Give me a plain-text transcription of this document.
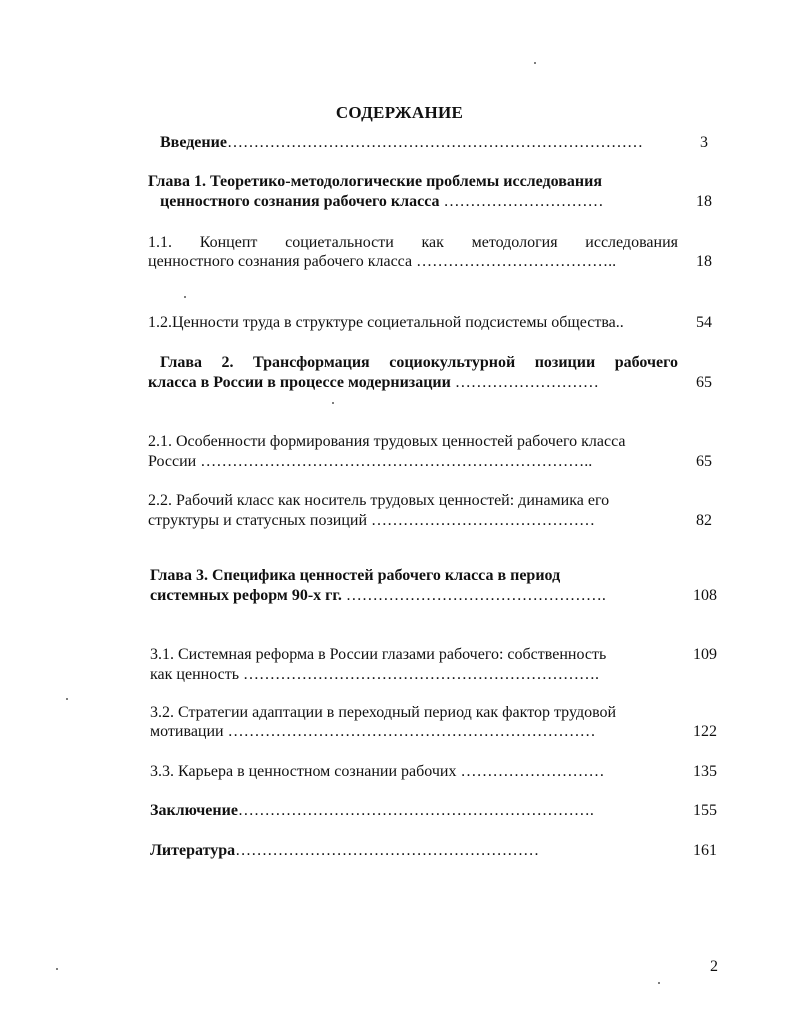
СОДЕРЖАНИЕ
Введение……………………………………………………………………	3
Глава 1. Теоретико-методологические проблемы исследования
ценностного сознания рабочего класса …………………………	18
1.1. Концепт социетальности как методология исследования
ценностного сознания рабочего класса ………………………………..	18
1.2.Ценности труда в структуре социетальной подсистемы общества..	54
Глава 2. Трансформация социокультурной позиции рабочего
класса в России в процессе модернизации ………………………	65
2.1. Особенности формирования трудовых ценностей рабочего класса
России ………………………………………………………………..	65
2.2. Рабочий класс как носитель трудовых ценностей: динамика его
структуры и статусных позиций ……………………………………	82
Глава 3. Специфика ценностей рабочего класса в период
системных реформ 90-х гг. ………………………………………….	108
3.1. Системная реформа в России глазами рабочего: собственность	109
как ценность ………………………………………………………….
3.2. Стратегии адаптации в переходный период как фактор трудовой
мотивации ……………………………………………………………	122
3.3. Карьера в ценностном сознании рабочих ………………………	135
Заключение………………………………………………………….	155
Литература…………………………………………………	161
2
